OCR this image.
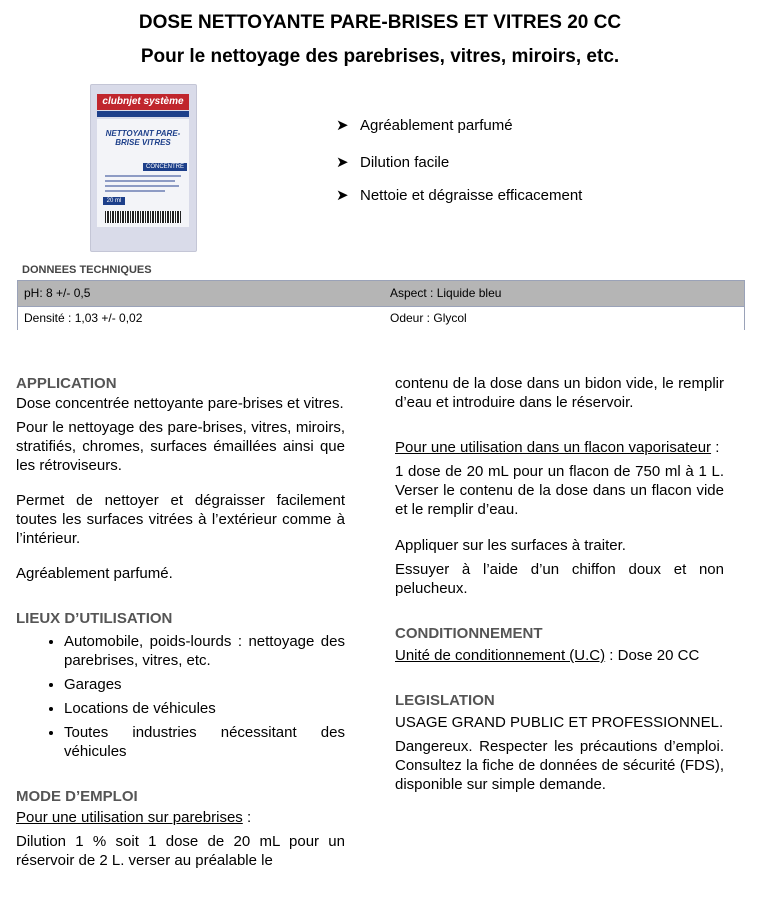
DOSE NETTOYANTE PARE-BRISES ET VITRES 20 CC
Pour le nettoyage des parebrises, vitres, miroirs, etc.
clubnjet système
NETTOYANT PARE-BRISE VITRES
CONCENTRÉ
20 ml
➤ Agréablement parfumé
➤ Dilution facile
➤ Nettoie et dégraisse efficacement
DONNEES TECHNIQUES
pH: 8 +/- 0,5	Aspect : Liquide bleu
Densité : 1,03 +/- 0,02	Odeur : Glycol
APPLICATION

Dose concentrée nettoyante pare-brises et vitres.

Pour le nettoyage des pare-brises, vitres, miroirs, stratifiés, chromes, surfaces émaillées ainsi que les rétroviseurs.

Permet de nettoyer et dégraisser facilement toutes les surfaces vitrées à l’extérieur comme à l’intérieur.

Agréablement parfumé.

LIEUX D’UTILISATION
• Automobile, poids-lourds : nettoyage des parebrises, vitres, etc.
• Garages
• Locations de véhicules
• Toutes industries nécessitant des véhicules
MODE D’EMPLOI

Pour une utilisation sur parebrises :

Dilution 1 % soit 1 dose de 20 mL pour un réservoir de 2 L. verser au préalable le

contenu de la dose dans un bidon vide, le remplir d’eau et introduire dans le réservoir.

Pour une utilisation dans un flacon vaporisateur :

1 dose de 20 mL pour un flacon de 750 ml à 1 L. Verser le contenu de la dose dans un flacon vide et le remplir d’eau.

Appliquer sur les surfaces à traiter.

Essuyer à l’aide d’un chiffon doux et non pelucheux.

CONDITIONNEMENT

Unité de conditionnement (U.C) : Dose 20 CC

LEGISLATION

USAGE GRAND PUBLIC ET PROFESSIONNEL.

Dangereux. Respecter les précautions d’emploi. Consultez la fiche de données de sécurité (FDS), disponible sur simple demande.
